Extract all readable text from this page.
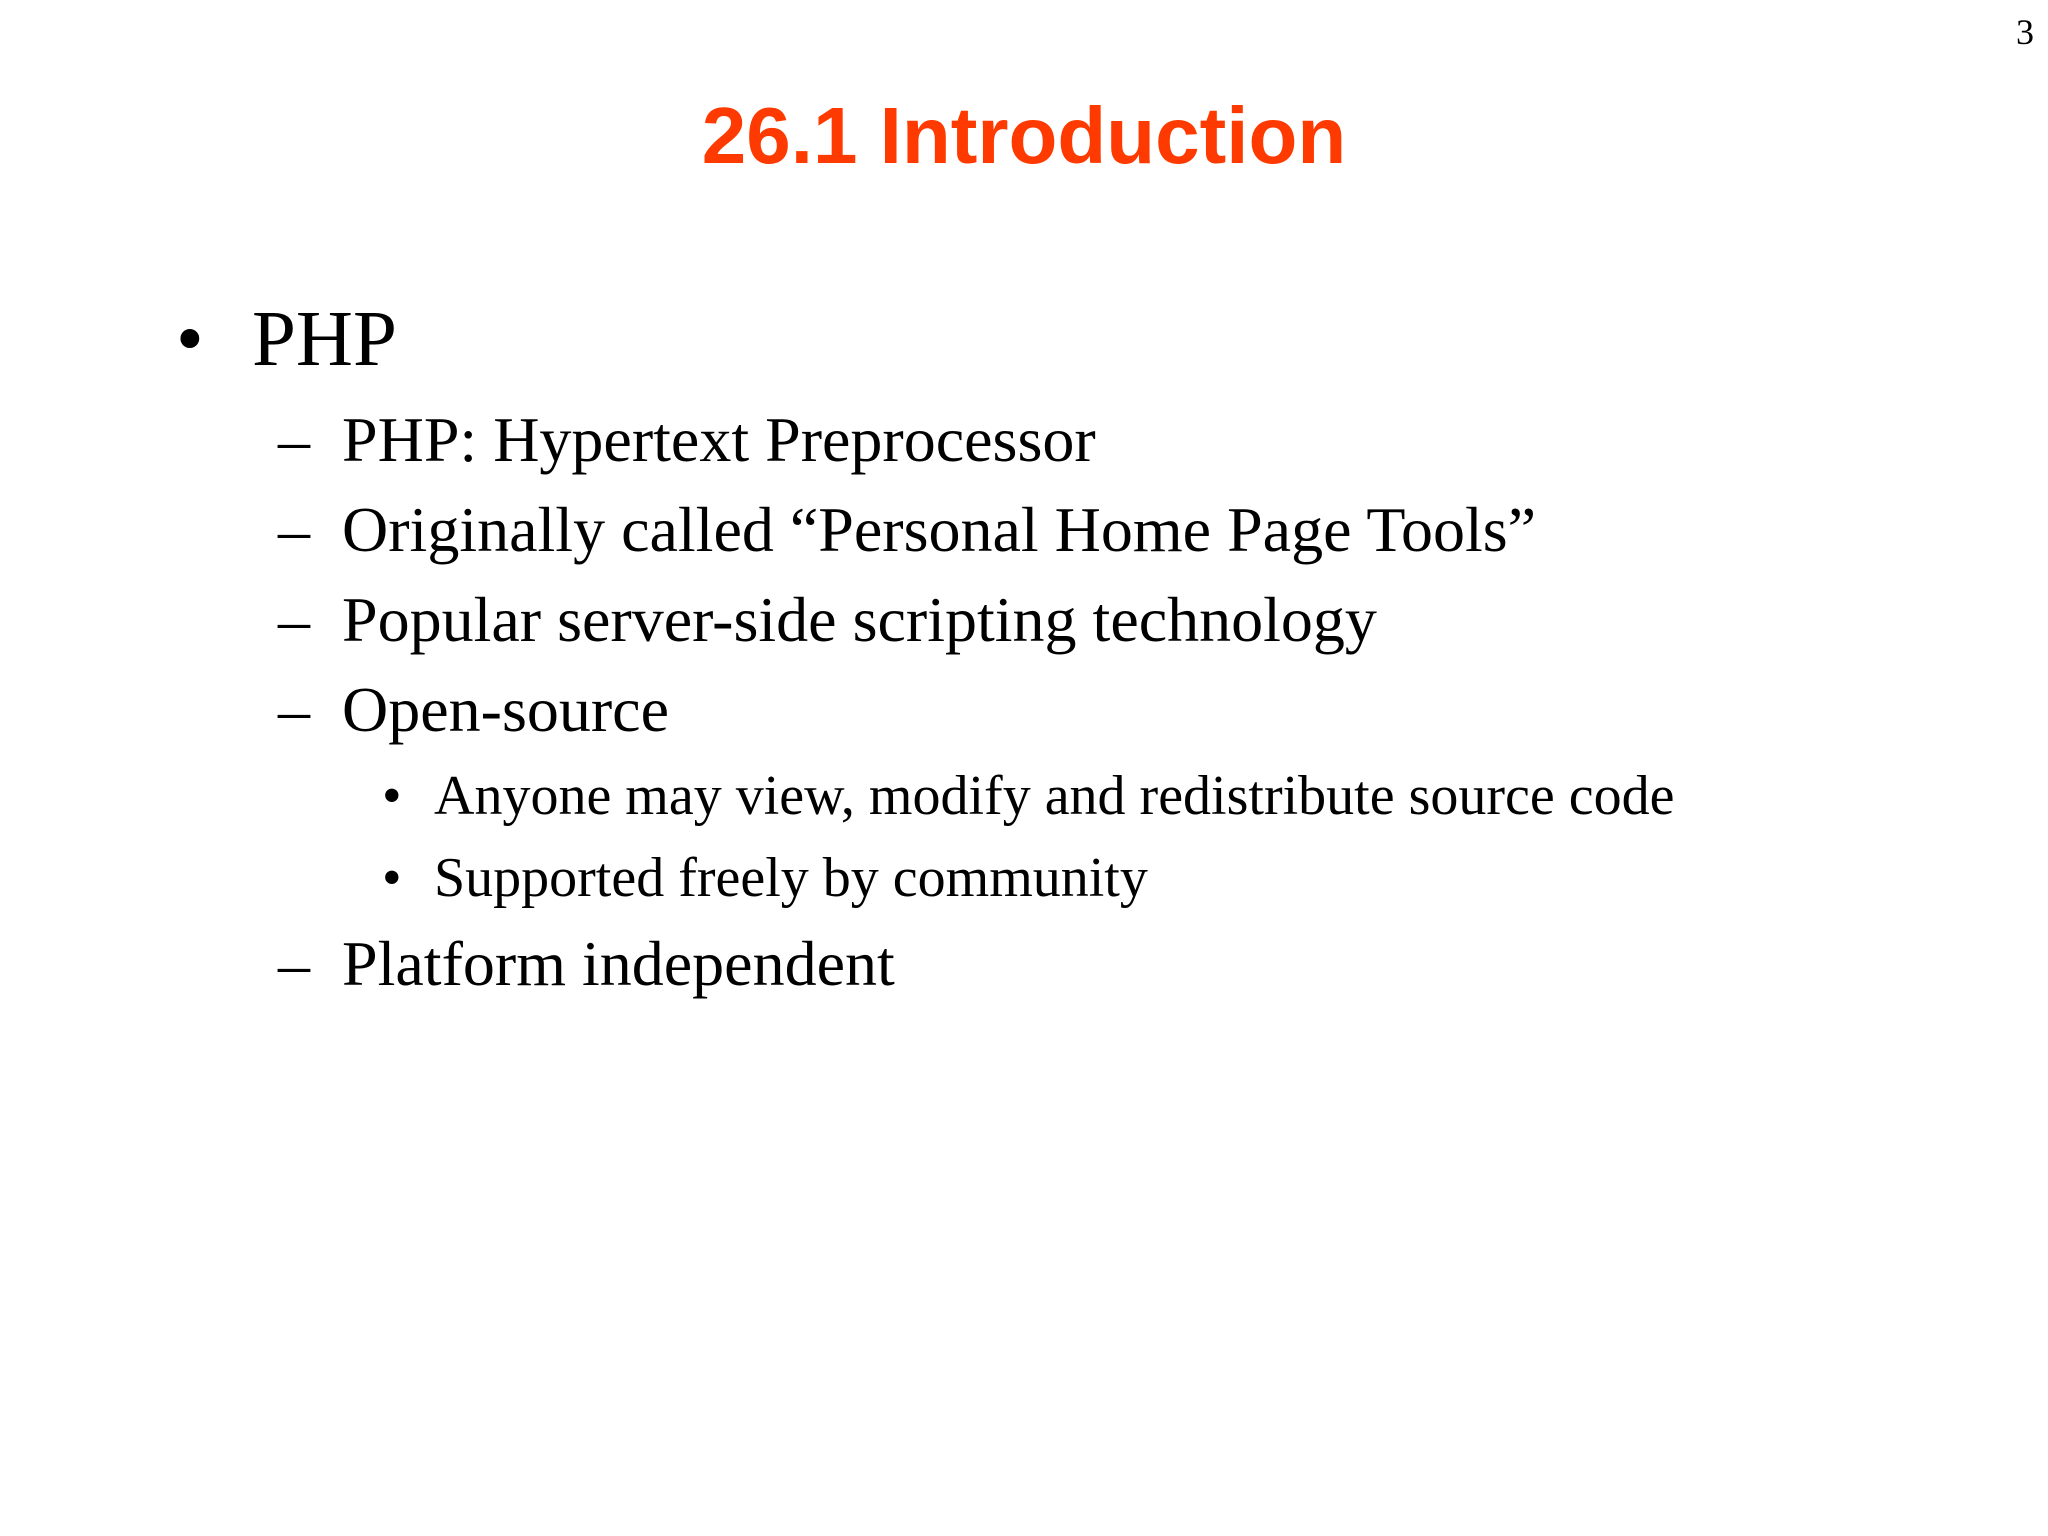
3
26.1 Introduction
• PHP
– PHP: Hypertext Preprocessor
– Originally called “Personal Home Page Tools”
– Popular server-side scripting technology
– Open-source
• Anyone may view, modify and redistribute source code
• Supported freely by community
– Platform independent
